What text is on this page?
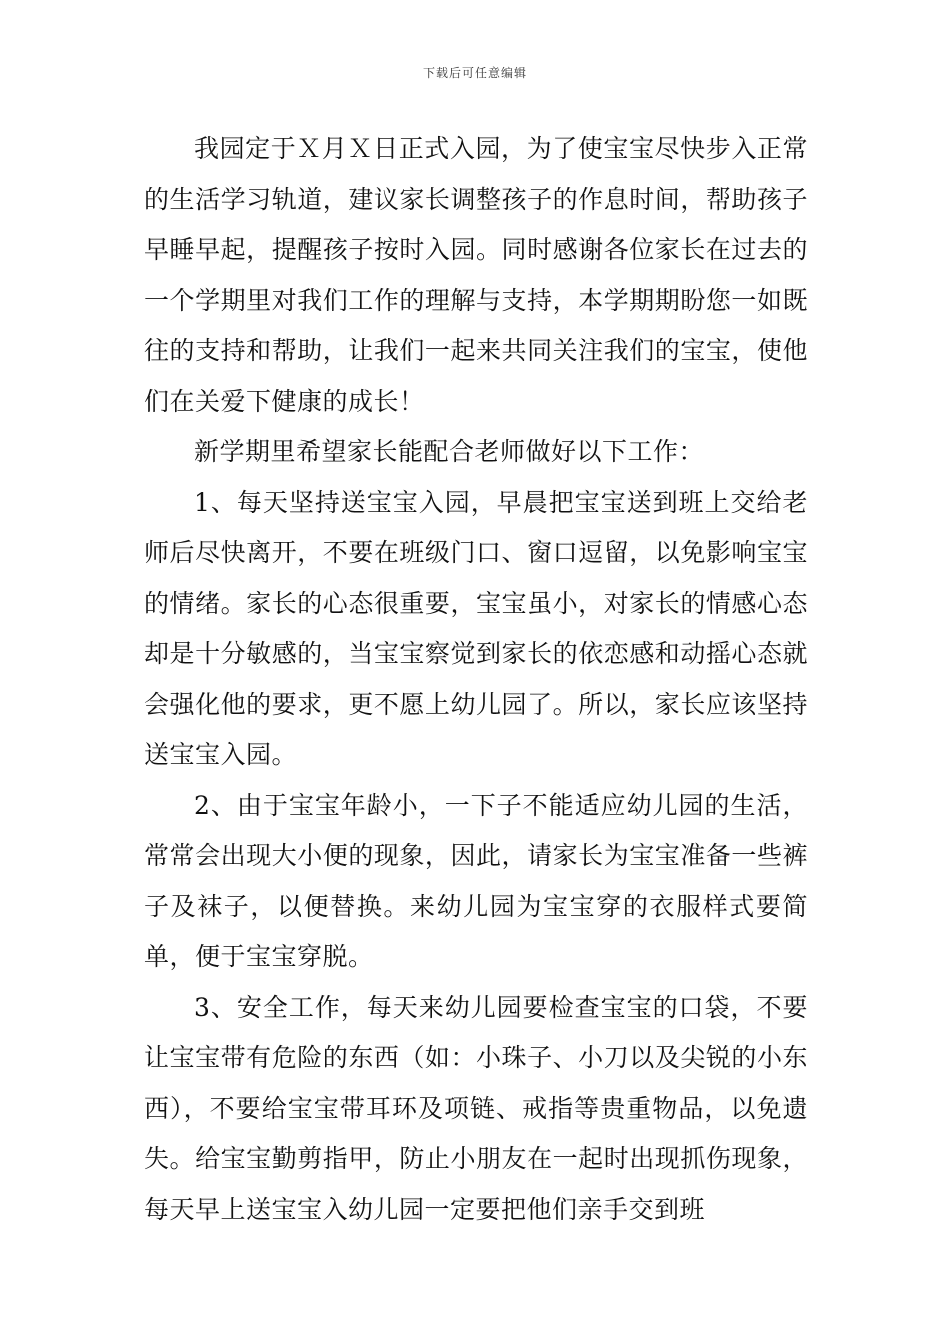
下载后可任意编辑

我园定于Ｘ月Ｘ日正式入园，为了使宝宝尽快步入正常的生活学习轨道，建议家长调整孩子的作息时间，帮助孩子早睡早起，提醒孩子按时入园。同时感谢各位家长在过去的一个学期里对我们工作的理解与支持，本学期期盼您一如既往的支持和帮助，让我们一起来共同关注我们的宝宝，使他们在关爱下健康的成长！

新学期里希望家长能配合老师做好以下工作：

1、每天坚持送宝宝入园，早晨把宝宝送到班上交给老师后尽快离开，不要在班级门口、窗口逗留，以免影响宝宝的情绪。家长的心态很重要，宝宝虽小，对家长的情感心态却是十分敏感的，当宝宝察觉到家长的依恋感和动摇心态就会强化他的要求，更不愿上幼儿园了。所以，家长应该坚持送宝宝入园。

2、由于宝宝年龄小，一下子不能适应幼儿园的生活，常常会出现大小便的现象，因此，请家长为宝宝准备一些裤子及袜子，以便替换。来幼儿园为宝宝穿的衣服样式要简单，便于宝宝穿脱。

3、安全工作，每天来幼儿园要检查宝宝的口袋，不要让宝宝带有危险的东西（如：小珠子、小刀以及尖锐的小东西），不要给宝宝带耳环及项链、戒指等贵重物品，以免遗失。给宝宝勤剪指甲，防止小朋友在一起时出现抓伤现象，每天早上送宝宝入幼儿园一定要把他们亲手交到班
